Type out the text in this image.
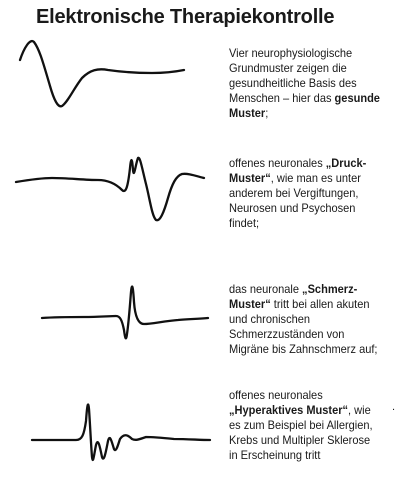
Elektronische Therapiekontrolle
Vier neurophysiologische Grundmuster zeigen die gesundheitliche Basis des Menschen – hier das gesunde Muster;
offenes neuronales „Druck-Muster“, wie man es unter anderem bei Vergiftungen, Neurosen und Psychosen findet;
das neuronale „Schmerz-Muster“ tritt bei allen akuten und chronischen Schmerzzuständen von Migräne bis Zahnschmerz auf;
offenes neuronales „Hyperaktives Muster“, wie es zum Beispiel bei Allergien, Krebs und Multipler Sklerose in Erscheinung tritt
.
